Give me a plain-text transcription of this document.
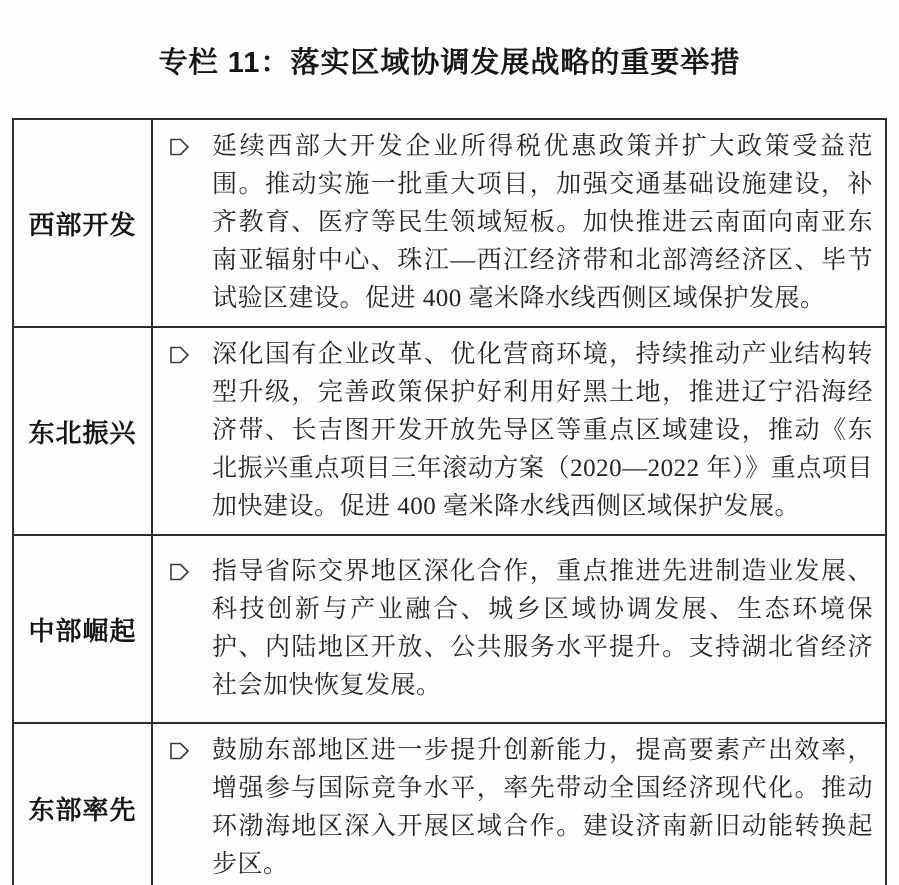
专栏 11：落实区域协调发展战略的重要举措
西部开发
延续西部大开发企业所得税优惠政策并扩大政策受益范围。推动实施一批重大项目，加强交通基础设施建设，补齐教育、医疗等民生领域短板。加快推进云南面向南亚东南亚辐射中心、珠江—西江经济带和北部湾经济区、毕节试验区建设。促进 400 毫米降水线西侧区域保护发展。
东北振兴
深化国有企业改革、优化营商环境，持续推动产业结构转型升级，完善政策保护好利用好黑土地，推进辽宁沿海经济带、长吉图开发开放先导区等重点区域建设，推动《东北振兴重点项目三年滚动方案（2020—2022 年）》重点项目加快建设。促进 400 毫米降水线西侧区域保护发展。
中部崛起
指导省际交界地区深化合作，重点推进先进制造业发展、科技创新与产业融合、城乡区域协调发展、生态环境保护、内陆地区开放、公共服务水平提升。支持湖北省经济社会加快恢复发展。
东部率先
鼓励东部地区进一步提升创新能力，提高要素产出效率，增强参与国际竞争水平，率先带动全国经济现代化。推动环渤海地区深入开展区域合作。建设济南新旧动能转换起步区。
